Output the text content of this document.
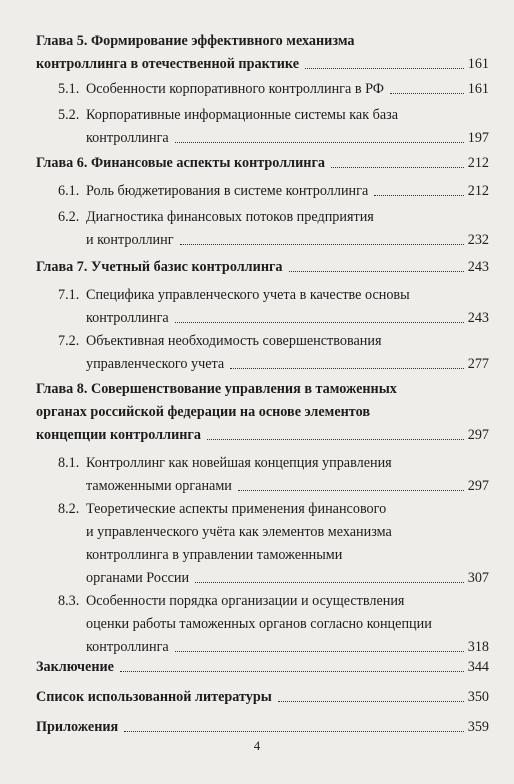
Глава 5. Формирование эффективного механизма
контроллинга в отечественной практике	161
5.1. Особенности корпоративного контроллинга в РФ	161
5.2. Корпоративные информационные системы как база
контроллинга	197
Глава 6. Финансовые аспекты контроллинга	212
6.1. Роль бюджетирования в системе контроллинга	212
6.2. Диагностика финансовых потоков предприятия
и контроллинг	232
Глава 7. Учетный базис контроллинга	243
7.1. Специфика управленческого учета в качестве основы
контроллинга	243
7.2. Объективная необходимость совершенствования
управленческого учета	277
Глава 8. Совершенствование управления в таможенных
органах российской федерации на основе элементов
концепции контроллинга	297
8.1. Контроллинг как новейшая концепция управления
таможенными органами	297
8.2. Теоретические аспекты применения финансового
и управленческого учёта как элементов механизма
контроллинга в управлении таможенными
органами России	307
8.3. Особенности порядка организации и осуществления
оценки работы таможенных органов согласно концепции
контроллинга	318
Заключение	344
Список использованной литературы	350
Приложения	359
4
